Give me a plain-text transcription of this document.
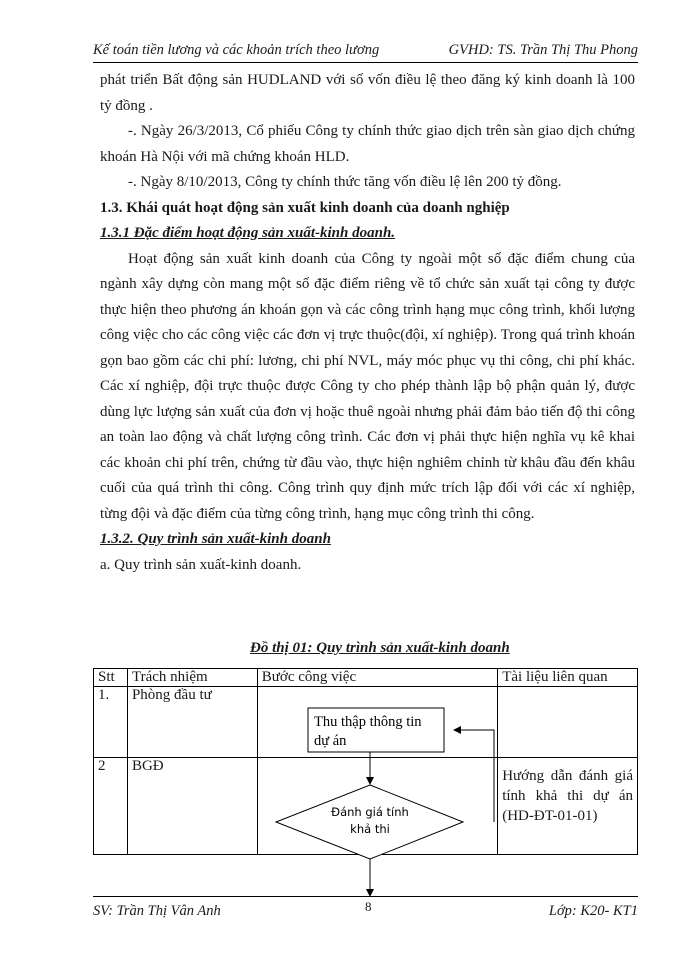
Kế toán tiền lương và các khoản trích theo lương	GVHD: TS. Trần Thị Thu Phong

phát triển Bất động sản HUDLAND với số vốn điều lệ theo đăng ký kinh doanh là 100 tỷ đồng .

-. Ngày 26/3/2013, Cổ phiếu Công ty chính thức giao dịch trên sàn giao dịch chứng khoán Hà Nội với mã chứng khoán HLD.

-. Ngày 8/10/2013, Công ty chính thức tăng vốn điều lệ lên 200 tỷ đồng.

1.3. Khái quát hoạt động sản xuất kinh doanh của doanh nghiệp

1.3.1 Đặc điểm hoạt động sản xuất-kinh doanh.

Hoạt động sản xuất kinh doanh của Công ty ngoài một số đặc điểm chung của ngành xây dựng còn mang một số đặc điểm riêng về tổ chức sản xuất tại công ty được thực hiện theo phương án khoán gọn và các công trình hạng mục công trình, khối lượng công việc cho các công việc các đơn vị trực thuộc(đội, xí nghiệp). Trong quá trình khoán gọn bao gồm các chi phí: lương, chi phí NVL, máy móc phục vụ thi công, chi phí khác. Các xí nghiệp, đội trực thuộc được Công ty cho phép thành lập bộ phận quản lý, được dùng lực lượng sản xuất của đơn vị hoặc thuê ngoài nhưng phải đảm bảo tiến độ thi công an toàn lao động và chất lượng công trình. Các đơn vị phải thực hiện nghĩa vụ kê khai các khoản chi phí trên, chứng từ đầu vào, thực hiện nghiêm chỉnh từ khâu đầu đến khâu cuối của quá trình thi công. Công trình quy định mức trích lập đối với các xí nghiệp, từng đội và đặc điểm của từng công trình, hạng mục công trình thi công.

1.3.2. Quy trình sản xuất-kinh doanh

a. Quy trình sản xuất-kinh doanh.

Đồ thị 01: Quy trình sản xuất-kinh doanh
Stt	Trách nhiệm	Bước công việc	Tài liệu liên quan
1.	Phòng đầu tư		
2	BGĐ		Hướng dẫn đánh giá tính khả thi dự án (HD-ĐT-01-01)
Thu thập thông tin
dự án
Đánh giá tính
khả thi
SV: Trần Thị Vân Anh	8	Lớp: K20- KT1
